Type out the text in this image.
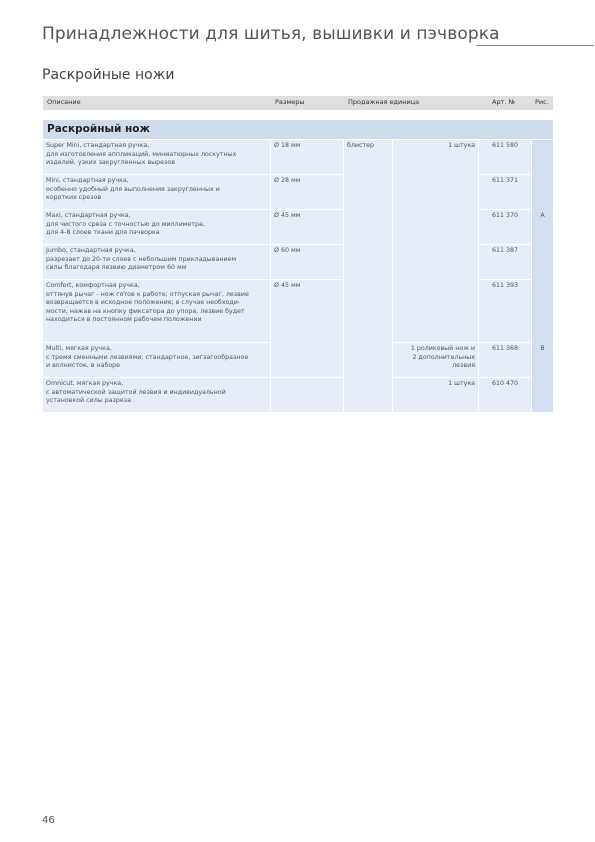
Принадлежности для шитья, вышивки и пэчворка
Раскройные ножи
Описание	Размеры	Продажная единица	Арт. №	Рис.
Раскройный нож
Super Mini, стандартная ручка,
для изготовления аппликаций, миниатюрных лоскутных
изделий, узких закругленных вырезов
Ø 18 мм	блистер	1 штука	611 580
Mini, стандартная ручка,
особенно удобный для выполнения закругленных и
коротких срезов
Ø 28 мм	611 371
Maxi, стандартная ручка,
для чистого среза с точностью до миллиметра,
для 4-8 слоев ткани для пэчворка
Ø 45 мм	611 370	A
Jumbo, стандартная ручка,
разрезает до 20-ти слоев с небольшим прикладыванием
силы благодаря лезвию диаметром 60 мм
Ø 60 мм	611 387
Comfort, комфортная ручка,
оттянув рычаг - нож готов к работе; отпуская рычаг, лезвие
возвращается в исходное положение; в случае необходи-
мости, нажав на кнопку фиксатора до упора, лезвие будет
находиться в постоянном рабочем положении
Ø 45 мм	611 393
Multi, мягкая ручка,
с тремя сменными лезвиями: стандартное, зигзагообразное
и волнистое, в наборе
1 роликовый нож и
2 дополнительных
лезвия
611 368	B
Omnicut, мягкая ручка,
с автоматической защитой лезвия и индивидуальной
установкой силы разреза
1 штука	610 470
46
